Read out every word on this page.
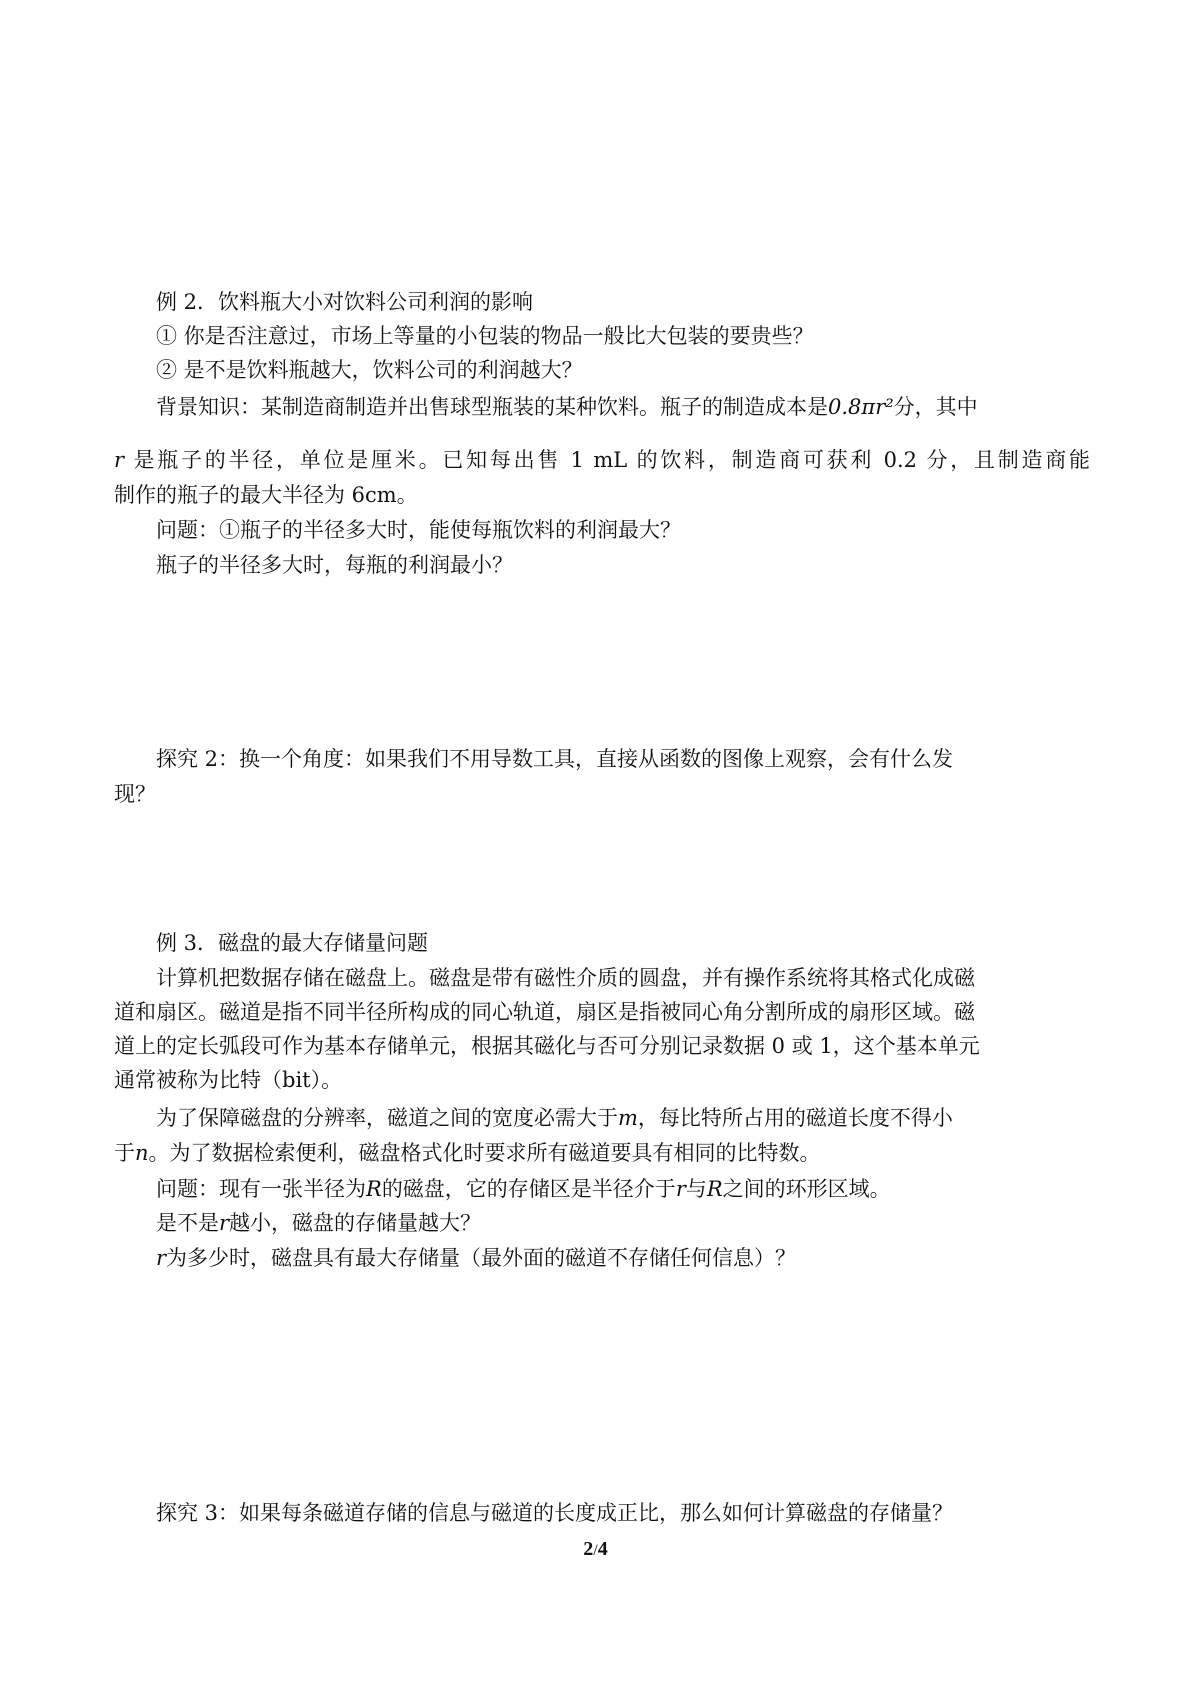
例 2．饮料瓶大小对饮料公司利润的影响
① 你是否注意过，市场上等量的小包装的物品一般比大包装的要贵些？
② 是不是饮料瓶越大，饮料公司的利润越大？
背景知识：某制造商制造并出售球型瓶装的某种饮料。瓶子的制造成本是0.8πr²分，其中
r 是瓶子的半径，单位是厘米。已知每出售 1 mL 的饮料，制造商可获利 0.2 分，且制造商能
制作的瓶子的最大半径为 6cm。
问题：①瓶子的半径多大时，能使每瓶饮料的利润最大？
瓶子的半径多大时，每瓶的利润最小？
探究 2：换一个角度：如果我们不用导数工具，直接从函数的图像上观察，会有什么发
现？
例 3．磁盘的最大存储量问题
计算机把数据存储在磁盘上。磁盘是带有磁性介质的圆盘，并有操作系统将其格式化成磁
道和扇区。磁道是指不同半径所构成的同心轨道，扇区是指被同心角分割所成的扇形区域。磁
道上的定长弧段可作为基本存储单元，根据其磁化与否可分别记录数据 0 或 1，这个基本单元
通常被称为比特（bit）。
为了保障磁盘的分辨率，磁道之间的宽度必需大于m，每比特所占用的磁道长度不得小
于n。为了数据检索便利，磁盘格式化时要求所有磁道要具有相同的比特数。
问题：现有一张半径为R的磁盘，它的存储区是半径介于r与R之间的环形区域。
是不是r越小，磁盘的存储量越大？
r为多少时，磁盘具有最大存储量（最外面的磁道不存储任何信息）？
探究 3：如果每条磁道存储的信息与磁道的长度成正比，那么如何计算磁盘的存储量？
2/4
